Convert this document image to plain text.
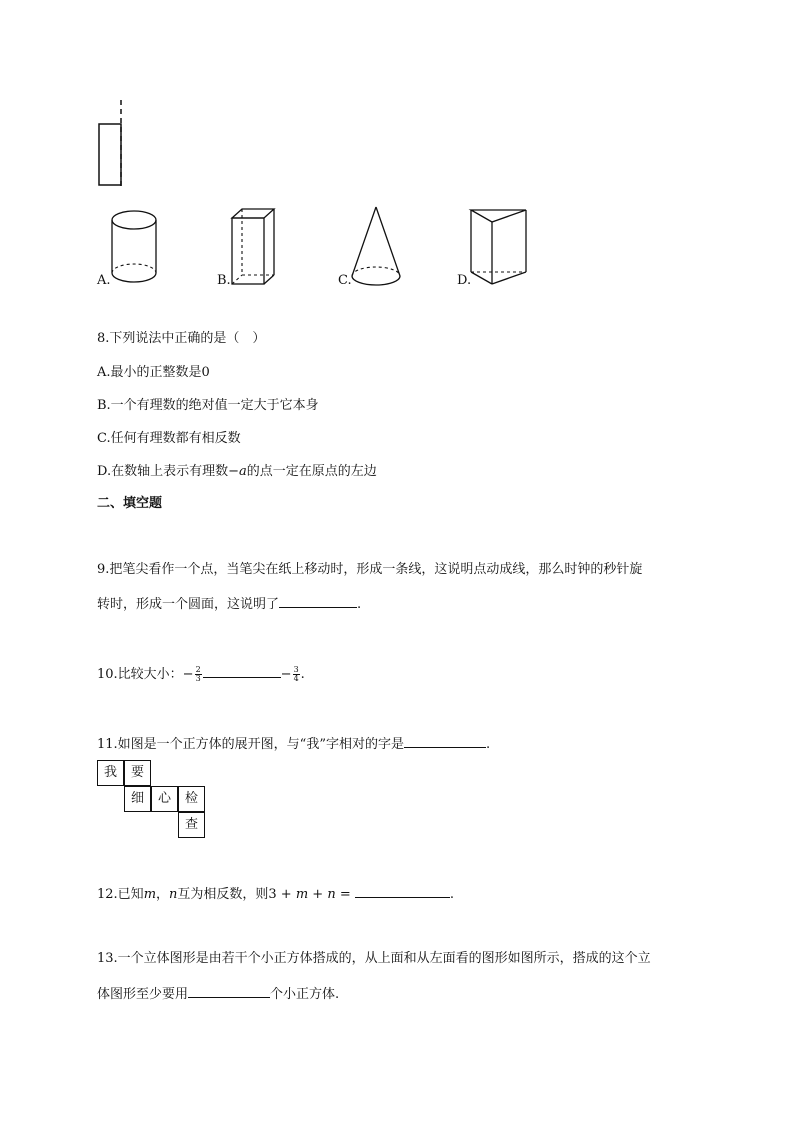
A.	B.	C.	D.
8.下列说法中正确的是（　）
A.最小的正整数是0
B.一个有理数的绝对值一定大于它本身
C.任何有理数都有相反数
D.在数轴上表示有理数−a的点一定在原点的左边
二、填空题
9.把笔尖看作一个点，当笔尖在纸上移动时，形成一条线，这说明点动成线，那么时钟的秒针旋
转时，形成一个圆面，这说明了	.
10.比较大小：− $\frac{2}{3}$	− $\frac{3}{4}$ .
11.如图是一个正方体的展开图，与“我”字相对的字是	.
我	要
细	心	检
查
12.已知m，n互为相反数，则3 + m + n =	.
13.一个立体图形是由若干个小正方体搭成的，从上面和从左面看的图形如图所示，搭成的这个立
体图形至少要用	个小正方体.
